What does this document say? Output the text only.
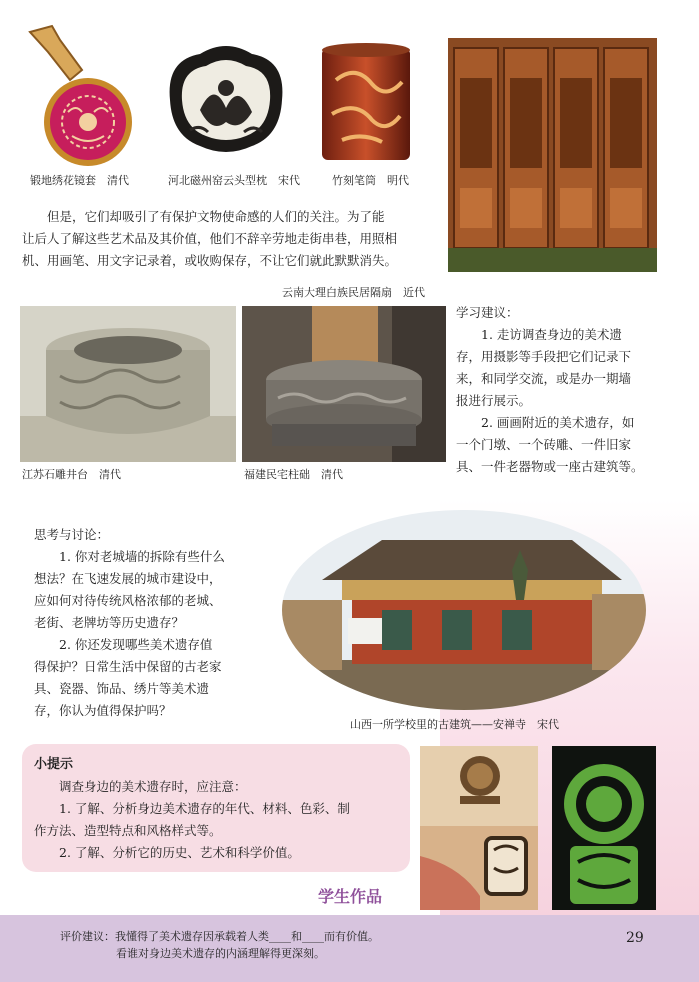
锻地绣花镜套　清代	河北磁州窑云头型枕　宋代	竹刻笔筒　明代

　　但是，它们却吸引了有保护文物使命感的人们的关注。为了能

让后人了解这些艺术品及其价值，他们不辞辛劳地走街串巷，用照相

机、用画笔、用文字记录着，或收购保存，不让它们就此默默消失。

云南大理白族民居隔扇　近代
江苏石雕井台　清代	福建民宅柱础　清代

学习建议：

　　1. 走访调查身边的美术遗

存，用摄影等手段把它们记录下

来，和同学交流，或是办一期墙

报进行展示。

　　2. 画画附近的美术遗存，如

一个门墩、一个砖雕、一件旧家

具、一件老器物或一座古建筑等。

思考与讨论：

　　1. 你对老城墙的拆除有些什么

想法？在飞速发展的城市建设中，

应如何对待传统风格浓郁的老城、

老街、老牌坊等历史遗存？

　　2. 你还发现哪些美术遗存值

得保护？日常生活中保留的古老家

具、瓷器、饰品、绣片等美术遗

存，你认为值得保护吗？

山西一所学校里的古建筑——安禅寺　宋代

小提示

　　调查身边的美术遗存时，应注意：

　　1. 了解、分析身边美术遗存的年代、材料、色彩、制

作方法、造型特点和风格样式等。

　　2. 了解、分析它的历史、艺术和科学价值。

学生作品
评价建议：我懂得了美术遗存因承载着人类____和____而有价值。
看谁对身边美术遗存的内涵理解得更深刻。
29
